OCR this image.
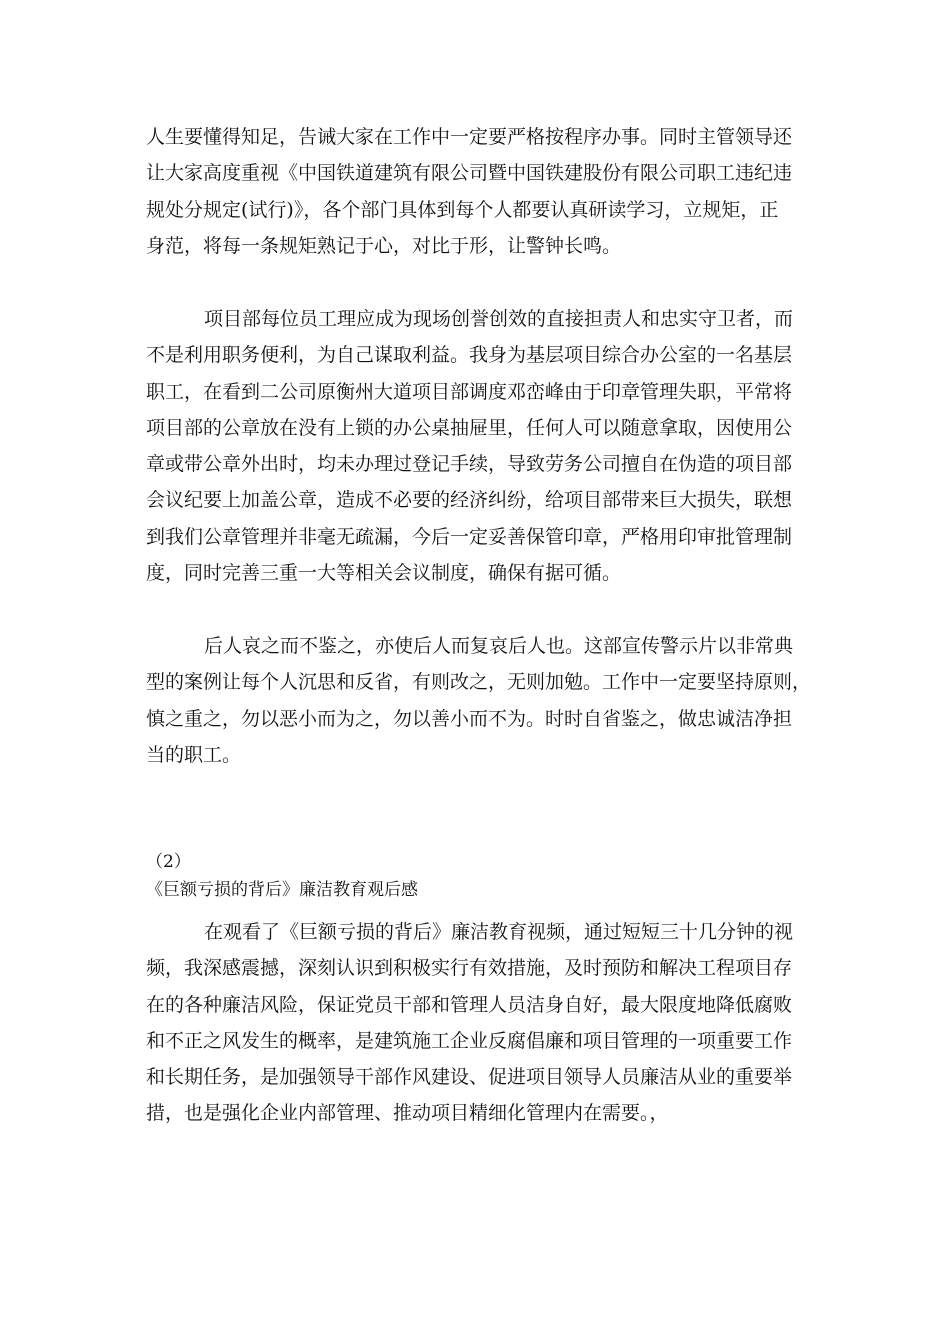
人生要懂得知足，告诫大家在工作中一定要严格按程序办事。同时主管领导还
让大家高度重视《中国铁道建筑有限公司暨中国铁建股份有限公司职工违纪违
规处分规定(试行)》，各个部门具体到每个人都要认真研读学习，立规矩，正
身范，将每一条规矩熟记于心，对比于形，让警钟长鸣。
项目部每位员工理应成为现场创誉创效的直接担责人和忠实守卫者，而
不是利用职务便利，为自己谋取利益。我身为基层项目综合办公室的一名基层
职工，在看到二公司原衡州大道项目部调度邓峦峰由于印章管理失职，平常将
项目部的公章放在没有上锁的办公桌抽屉里，任何人可以随意拿取，因使用公
章或带公章外出时，均未办理过登记手续，导致劳务公司擅自在伪造的项目部
会议纪要上加盖公章，造成不必要的经济纠纷，给项目部带来巨大损失，联想
到我们公章管理并非毫无疏漏，今后一定妥善保管印章，严格用印审批管理制
度，同时完善三重一大等相关会议制度，确保有据可循。
后人哀之而不鉴之，亦使后人而复哀后人也。这部宣传警示片以非常典
型的案例让每个人沉思和反省，有则改之，无则加勉。工作中一定要坚持原则，
慎之重之，勿以恶小而为之，勿以善小而不为。时时自省鉴之，做忠诚洁净担
当的职工。
（2）
《巨额亏损的背后》廉洁教育观后感
在观看了《巨额亏损的背后》廉洁教育视频，通过短短三十几分钟的视
频，我深感震撼，深刻认识到积极实行有效措施，及时预防和解决工程项目存
在的各种廉洁风险，保证党员干部和管理人员洁身自好，最大限度地降低腐败
和不正之风发生的概率，是建筑施工企业反腐倡廉和项目管理的一项重要工作
和长期任务，是加强领导干部作风建设、促进项目领导人员廉洁从业的重要举
措，也是强化企业内部管理、推动项目精细化管理内在需要。，
